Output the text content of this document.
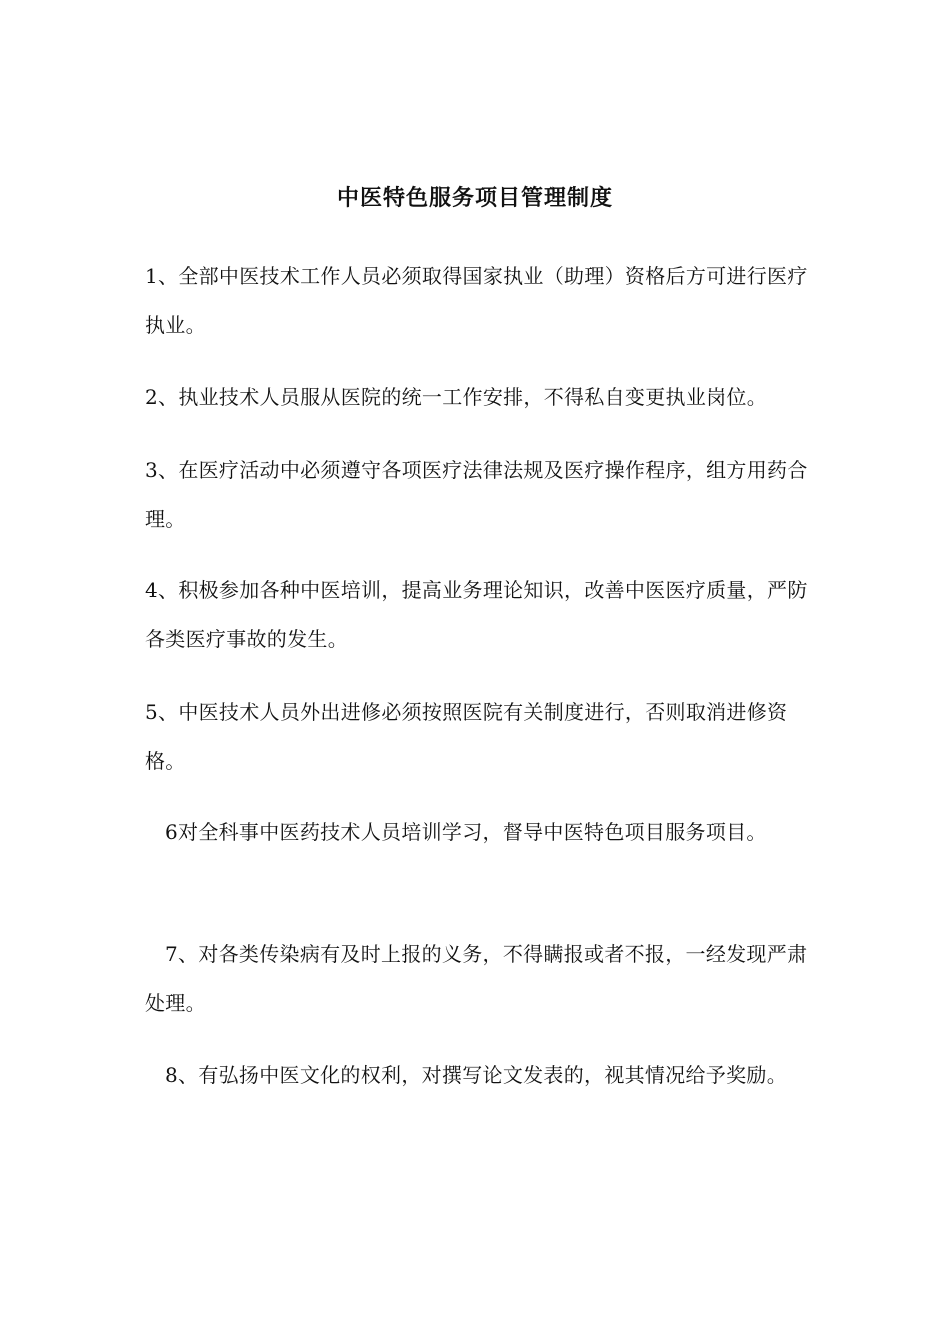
中医特色服务项目管理制度

1、全部中医技术工作人员必须取得国家执业（助理）资格后方可进行医疗执业。

2、执业技术人员服从医院的统一工作安排，不得私自变更执业岗位。

3、在医疗活动中必须遵守各项医疗法律法规及医疗操作程序，组方用药合理。

4、积极参加各种中医培训，提高业务理论知识，改善中医医疗质量，严防各类医疗事故的发生。

5、中医技术人员外出进修必须按照医院有关制度进行，否则取消进修资格。

6对全科事中医药技术人员培训学习，督导中医特色项目服务项目。

7、对各类传染病有及时上报的义务，不得瞒报或者不报，一经发现严肃处理。

8、有弘扬中医文化的权利，对撰写论文发表的，视其情况给予奖励。
